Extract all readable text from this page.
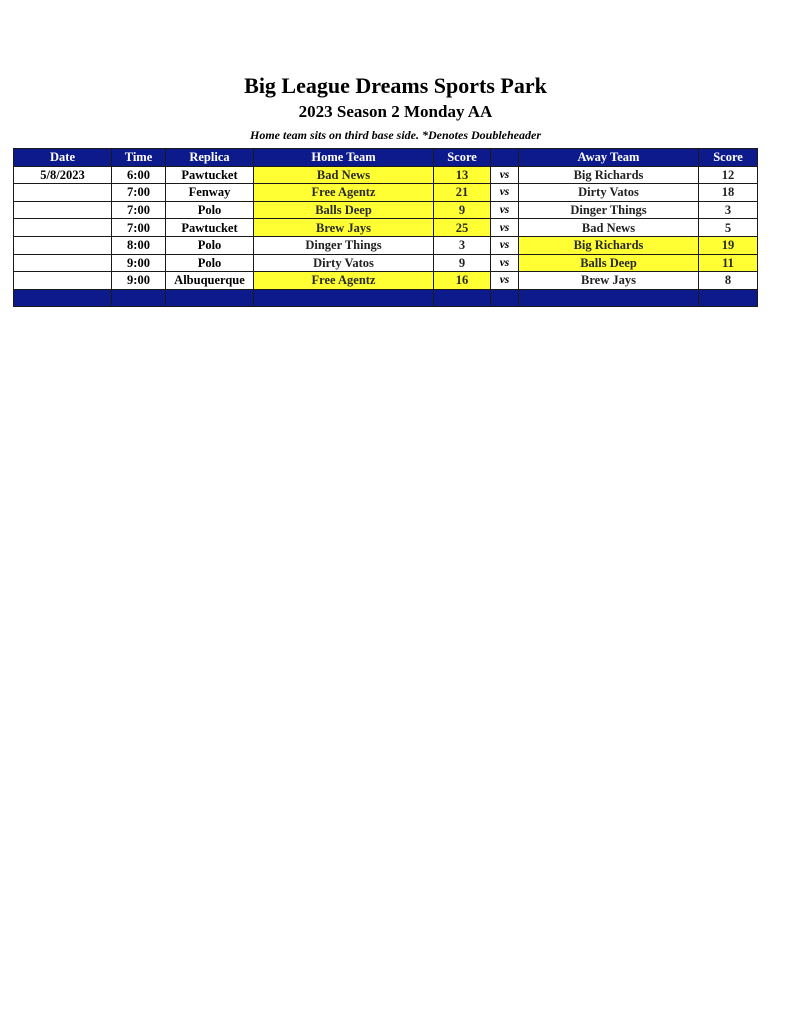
Big League Dreams Sports Park
2023 Season 2 Monday AA
Home team sits on third base side. *Denotes Doubleheader
Date	Time	Replica	Home Team	Score		Away Team	Score
5/8/2023	6:00	Pawtucket	Bad News	13	vs	Big Richards	12
	7:00	Fenway	Free Agentz	21	vs	Dirty Vatos	18
	7:00	Polo	Balls Deep	9	vs	Dinger Things	3
	7:00	Pawtucket	Brew Jays	25	vs	Bad News	5
	8:00	Polo	Dinger Things	3	vs	Big Richards	19
	9:00	Polo	Dirty Vatos	9	vs	Balls Deep	11
	9:00	Albuquerque	Free Agentz	16	vs	Brew Jays	8
